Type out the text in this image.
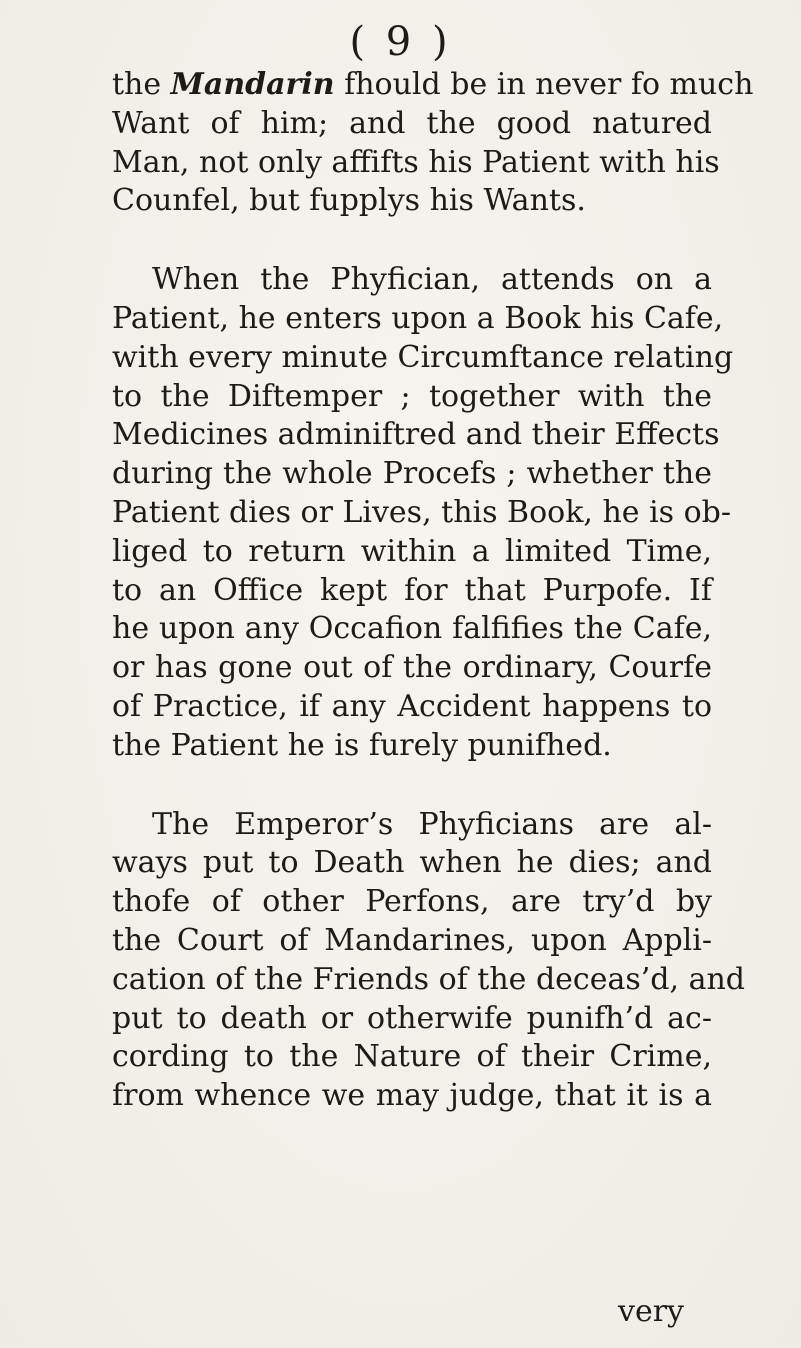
( 9 )
the Mandarin fhould be in never fo much
Want of him; and the good natured
Man, not only affifts his Patient with his
Counfel, but fupplys his Wants.
When the Phyfician, attends on a
Patient, he enters upon a Book his Cafe,
with every minute Circumftance relating
to the Diftemper ; together with the
Medicines adminiftred and their Effects
during the whole Procefs ; whether the
Patient dies or Lives, this Book, he is ob-
liged to return within a limited Time,
to an Office kept for that Purpofe. If
he upon any Occafion falfifies the Cafe,
or has gone out of the ordinary, Courfe
of Practice, if any Accident happens to
the Patient he is furely punifhed.
The Emperor’s Phyficians are al-
ways put to Death when he dies; and
thofe of other Perfons, are try’d by
the Court of Mandarines, upon Appli-
cation of the Friends of the deceas’d, and
put to death or otherwife punifh’d ac-
cording to the Nature of their Crime,
from whence we may judge, that it is a
very
